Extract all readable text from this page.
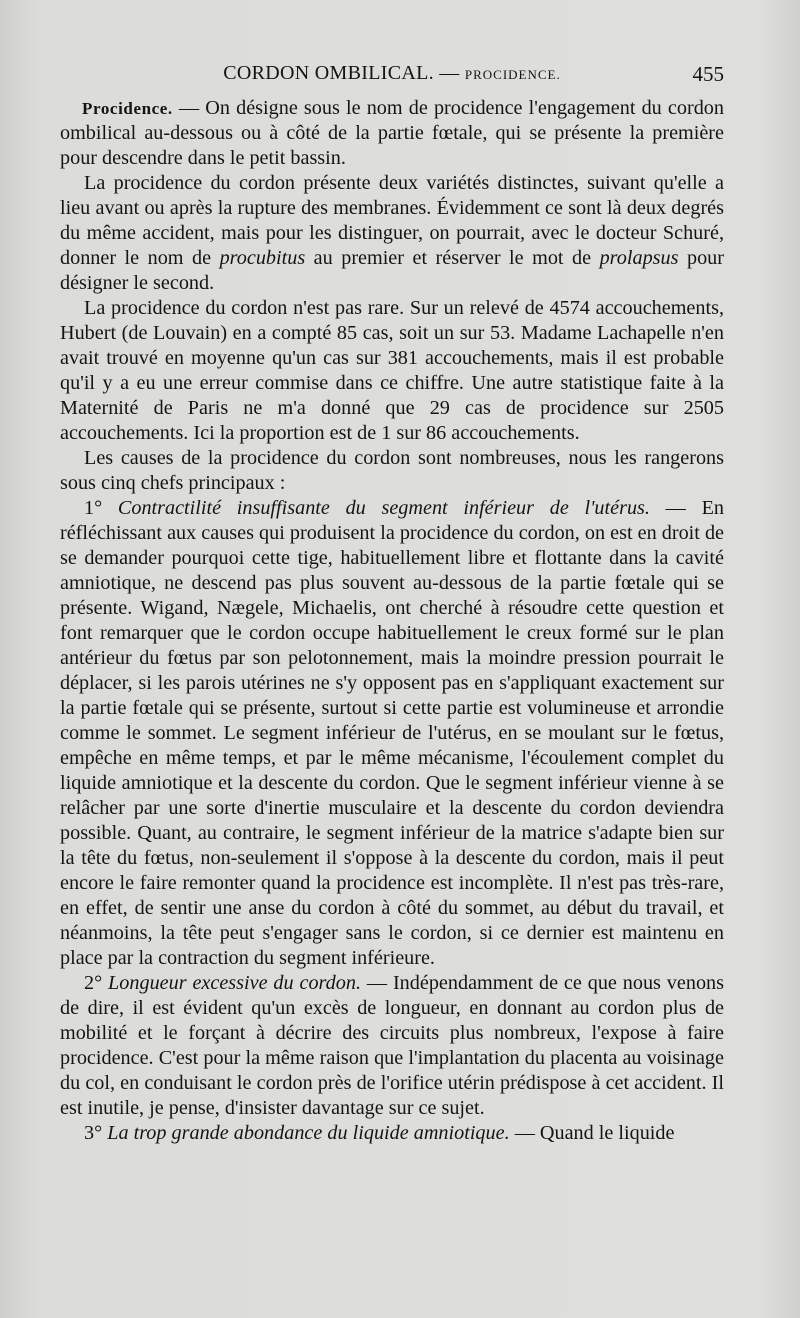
CORDON OMBILICAL. — PROCIDENCE.	455

Procidence. — On désigne sous le nom de procidence l'engagement du cordon ombilical au-dessous ou à côté de la partie fœtale, qui se présente la première pour descendre dans le petit bassin.

La procidence du cordon présente deux variétés distinctes, suivant qu'elle a lieu avant ou après la rupture des membranes. Évidemment ce sont là deux degrés du même accident, mais pour les distinguer, on pourrait, avec le docteur Schuré, donner le nom de procubitus au premier et réserver le mot de prolapsus pour désigner le second.

La procidence du cordon n'est pas rare. Sur un relevé de 4574 accouchements, Hubert (de Louvain) en a compté 85 cas, soit un sur 53. Madame Lachapelle n'en avait trouvé en moyenne qu'un cas sur 381 accouchements, mais il est probable qu'il y a eu une erreur commise dans ce chiffre. Une autre statistique faite à la Maternité de Paris ne m'a donné que 29 cas de procidence sur 2505 accouchements. Ici la proportion est de 1 sur 86 accouchements.

Les causes de la procidence du cordon sont nombreuses, nous les rangerons sous cinq chefs principaux :

1° Contractilité insuffisante du segment inférieur de l'utérus. — En réfléchissant aux causes qui produisent la procidence du cordon, on est en droit de se demander pourquoi cette tige, habituellement libre et flottante dans la cavité amniotique, ne descend pas plus souvent au-dessous de la partie fœtale qui se présente. Wigand, Nægele, Michaelis, ont cherché à résoudre cette question et font remarquer que le cordon occupe habituellement le creux formé sur le plan antérieur du fœtus par son pelotonnement, mais la moindre pression pourrait le déplacer, si les parois utérines ne s'y opposent pas en s'appliquant exactement sur la partie fœtale qui se présente, surtout si cette partie est volumineuse et arrondie comme le sommet. Le segment inférieur de l'utérus, en se moulant sur le fœtus, empêche en même temps, et par le même mécanisme, l'écoulement complet du liquide amniotique et la descente du cordon. Que le segment inférieur vienne à se relâcher par une sorte d'inertie musculaire et la descente du cordon deviendra possible. Quant, au contraire, le segment inférieur de la matrice s'adapte bien sur la tête du fœtus, non-seulement il s'oppose à la descente du cordon, mais il peut encore le faire remonter quand la procidence est incomplète. Il n'est pas très-rare, en effet, de sentir une anse du cordon à côté du sommet, au début du travail, et néanmoins, la tête peut s'engager sans le cordon, si ce dernier est maintenu en place par la contraction du segment inférieure.

2° Longueur excessive du cordon. — Indépendamment de ce que nous venons de dire, il est évident qu'un excès de longueur, en donnant au cordon plus de mobilité et le forçant à décrire des circuits plus nombreux, l'expose à faire procidence. C'est pour la même raison que l'implantation du placenta au voisinage du col, en conduisant le cordon près de l'orifice utérin prédispose à cet accident. Il est inutile, je pense, d'insister davantage sur ce sujet.

3° La trop grande abondance du liquide amniotique. — Quand le liquide
